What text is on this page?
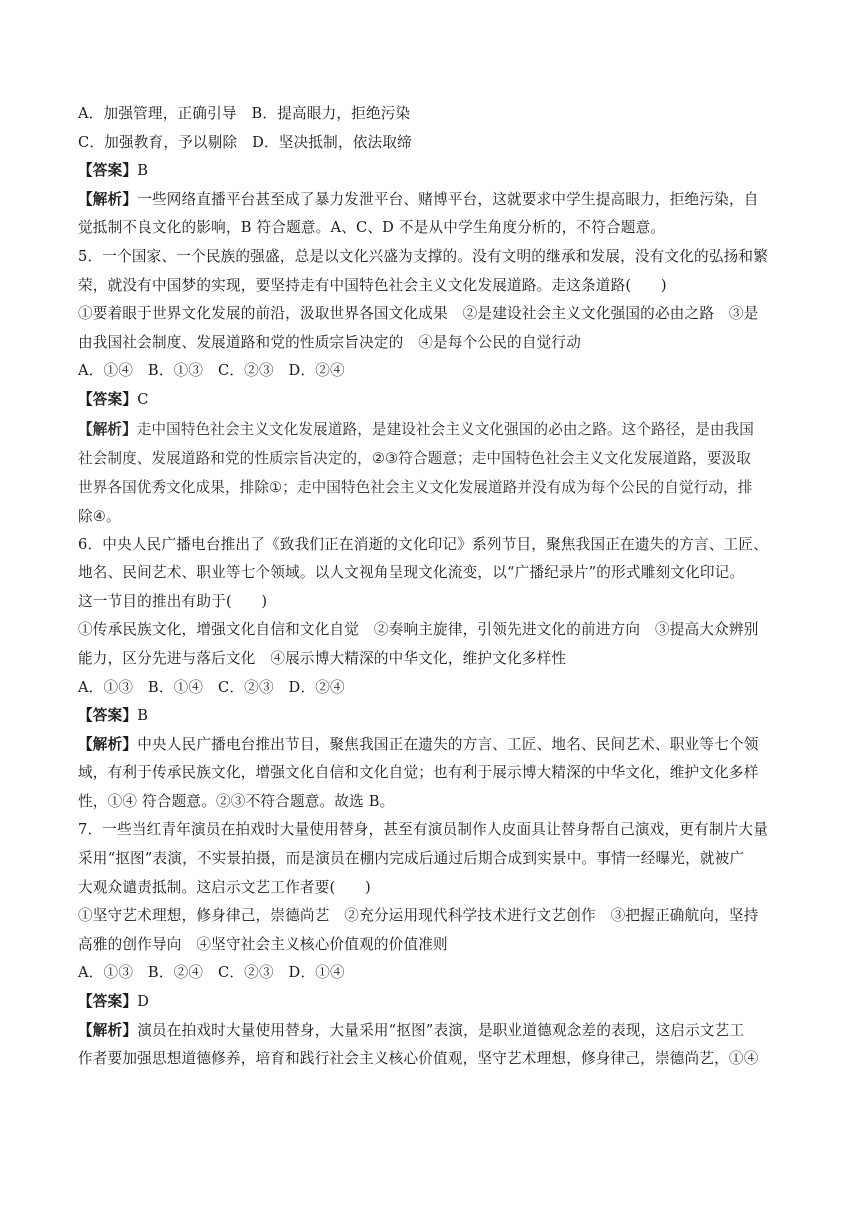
A．加强管理，正确引导　B．提高眼力，拒绝污染
C．加强教育，予以剔除　D．坚决抵制，依法取缔
【答案】B
【解析】一些网络直播平台甚至成了暴力发泄平台、赌博平台，这就要求中学生提高眼力，拒绝污染，自
觉抵制不良文化的影响，B 符合题意。A、C、D 不是从中学生角度分析的，不符合题意。
5．一个国家、一个民族的强盛，总是以文化兴盛为支撑的。没有文明的继承和发展，没有文化的弘扬和繁
荣，就没有中国梦的实现，要坚持走有中国特色社会主义文化发展道路。走这条道路(　　)
①要着眼于世界文化发展的前沿，汲取世界各国文化成果　②是建设社会主义文化强国的必由之路　③是
由我国社会制度、发展道路和党的性质宗旨决定的　④是每个公民的自觉行动
A．①④　B．①③　C．②③　D．②④
【答案】C
【解析】走中国特色社会主义文化发展道路，是建设社会主义文化强国的必由之路。这个路径，是由我国
社会制度、发展道路和党的性质宗旨决定的，②③符合题意；走中国特色社会主义文化发展道路，要汲取
世界各国优秀文化成果，排除①；走中国特色社会主义文化发展道路并没有成为每个公民的自觉行动，排
除④。
6．中央人民广播电台推出了《致我们正在消逝的文化印记》系列节目，聚焦我国正在遗失的方言、工匠、
地名、民间艺术、职业等七个领域。以人文视角呈现文化流变，以“广播纪录片”的形式雕刻文化印记。
这一节目的推出有助于(　　)
①传承民族文化，增强文化自信和文化自觉　②奏响主旋律，引领先进文化的前进方向　③提高大众辨别
能力，区分先进与落后文化　④展示博大精深的中华文化，维护文化多样性
A．①③　B．①④　C．②③　D．②④
【答案】B
【解析】中央人民广播电台推出节目，聚焦我国正在遗失的方言、工匠、地名、民间艺术、职业等七个领
域，有利于传承民族文化，增强文化自信和文化自觉；也有利于展示博大精深的中华文化，维护文化多样
性，①④ 符合题意。②③不符合题意。故选 B。
7．一些当红青年演员在拍戏时大量使用替身，甚至有演员制作人皮面具让替身帮自己演戏，更有制片大量
采用“抠图”表演，不实景拍摄，而是演员在棚内完成后通过后期合成到实景中。事情一经曝光，就被广
大观众谴责抵制。这启示文艺工作者要(　　)
①坚守艺术理想，修身律己，崇德尚艺　②充分运用现代科学技术进行文艺创作　③把握正确航向，坚持
高雅的创作导向　④坚守社会主义核心价值观的价值准则
A．①③　B．②④　C．②③　D．①④
【答案】D
【解析】演员在拍戏时大量使用替身，大量采用“抠图”表演，是职业道德观念差的表现，这启示文艺工
作者要加强思想道德修养，培育和践行社会主义核心价值观，坚守艺术理想，修身律己，崇德尚艺，①④
